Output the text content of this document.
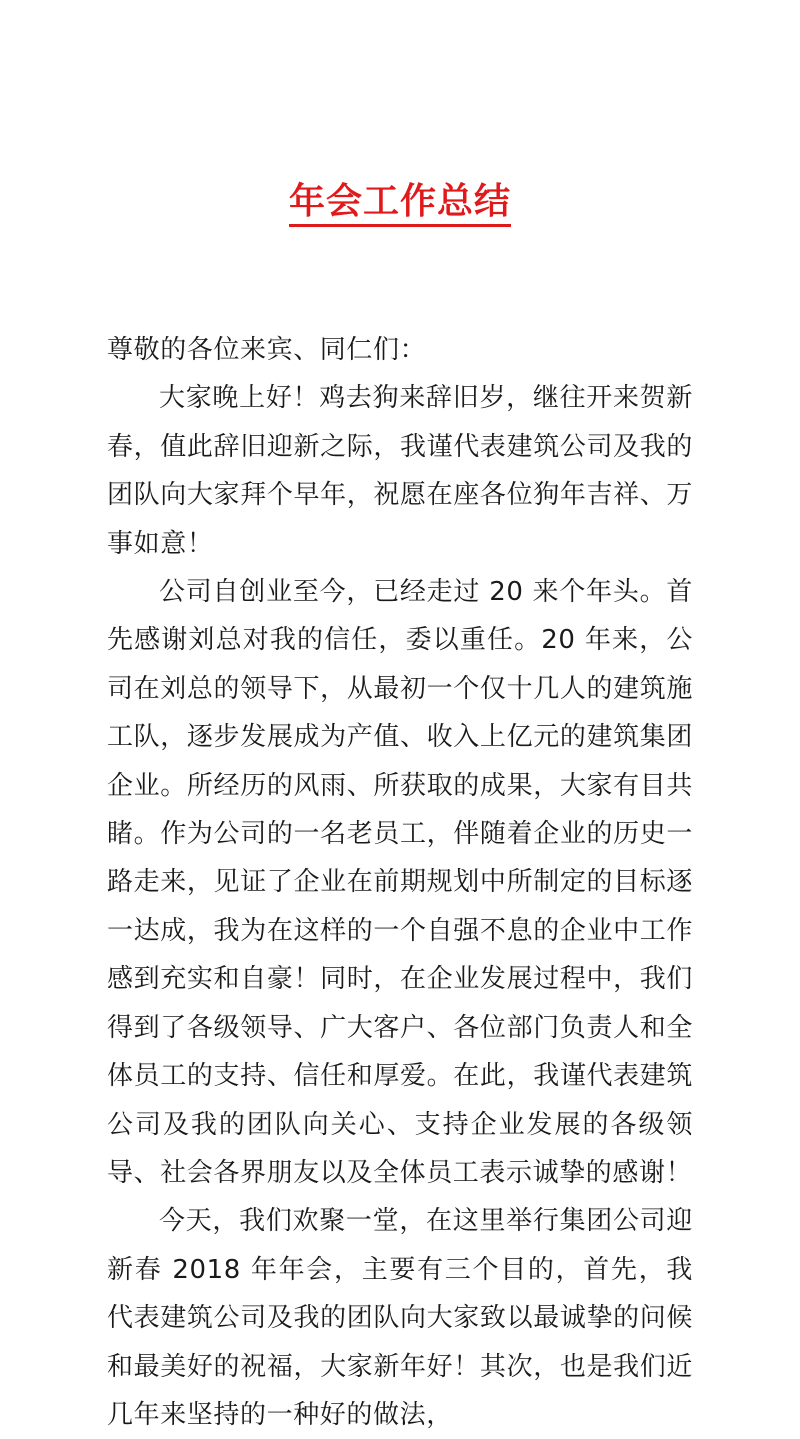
年会工作总结

尊敬的各位来宾、同仁们：

大家晚上好！鸡去狗来辞旧岁，继往开来贺新春，值此辞旧迎新之际，我谨代表建筑公司及我的团队向大家拜个早年，祝愿在座各位狗年吉祥、万事如意！

公司自创业至今，已经走过 20 来个年头。首先感谢刘总对我的信任，委以重任。20 年来，公司在刘总的领导下，从最初一个仅十几人的建筑施工队，逐步发展成为产值、收入上亿元的建筑集团企业。所经历的风雨、所获取的成果，大家有目共睹。作为公司的一名老员工，伴随着企业的历史一路走来，见证了企业在前期规划中所制定的目标逐一达成，我为在这样的一个自强不息的企业中工作感到充实和自豪！同时，在企业发展过程中，我们得到了各级领导、广大客户、各位部门负责人和全体员工的支持、信任和厚爱。在此，我谨代表建筑公司及我的团队向关心、支持企业发展的各级领导、社会各界朋友以及全体员工表示诚挚的感谢！

今天，我们欢聚一堂，在这里举行集团公司迎新春 2018 年年会，主要有三个目的，首先，我代表建筑公司及我的团队向大家致以最诚挚的问候和最美好的祝福，大家新年好！其次，也是我们近几年来坚持的一种好的做法，
